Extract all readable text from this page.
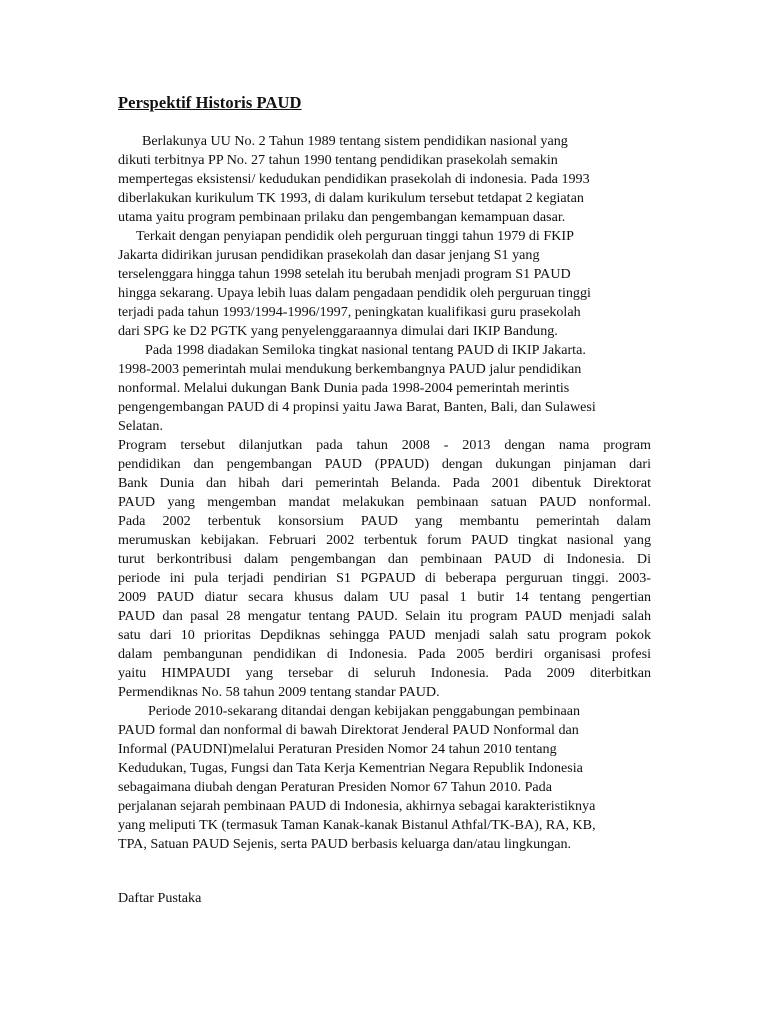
Perspektif Historis PAUD
Berlakunya UU No. 2 Tahun 1989 tentang sistem pendidikan nasional yang
dikuti terbitnya PP No. 27 tahun 1990 tentang pendidikan prasekolah semakin
mempertegas eksistensi/ kedudukan pendidikan prasekolah di indonesia. Pada 1993
diberlakukan kurikulum TK 1993, di dalam kurikulum tersebut tetdapat 2 kegiatan
utama yaitu program pembinaan prilaku dan pengembangan kemampuan dasar.
Terkait dengan penyiapan pendidik oleh perguruan tinggi tahun 1979 di FKIP
Jakarta didirikan jurusan pendidikan prasekolah dan dasar jenjang S1 yang
terselenggara hingga tahun 1998 setelah itu berubah menjadi program S1 PAUD
hingga sekarang. Upaya lebih luas dalam pengadaan pendidik oleh perguruan tinggi
terjadi pada tahun 1993/1994-1996/1997, peningkatan kualifikasi guru prasekolah
dari SPG ke D2 PGTK yang penyelenggaraannya dimulai dari IKIP Bandung.
Pada 1998 diadakan Semiloka tingkat nasional tentang PAUD di IKIP Jakarta.
1998-2003 pemerintah mulai mendukung berkembangnya PAUD jalur pendidikan
nonformal. Melalui dukungan Bank Dunia pada 1998-2004 pemerintah merintis
pengengembangan PAUD di 4 propinsi yaitu Jawa Barat, Banten, Bali, dan Sulawesi
Selatan.
Program tersebut dilanjutkan pada tahun 2008 - 2013 dengan nama program
pendidikan dan pengembangan PAUD (PPAUD) dengan dukungan pinjaman dari
Bank Dunia dan hibah dari pemerintah Belanda. Pada 2001 dibentuk Direktorat
PAUD yang mengemban mandat melakukan pembinaan satuan PAUD nonformal.
Pada 2002 terbentuk konsorsium PAUD yang membantu pemerintah dalam
merumuskan kebijakan. Februari 2002 terbentuk forum PAUD tingkat nasional yang
turut berkontribusi dalam pengembangan dan pembinaan PAUD di Indonesia. Di
periode ini pula terjadi pendirian S1 PGPAUD di beberapa perguruan tinggi. 2003-
2009 PAUD diatur secara khusus dalam UU pasal 1 butir 14 tentang pengertian
PAUD dan pasal 28 mengatur tentang PAUD. Selain itu program PAUD menjadi salah
satu dari 10 prioritas Depdiknas sehingga PAUD menjadi salah satu program pokok
dalam pembangunan pendidikan di Indonesia. Pada 2005 berdiri organisasi profesi
yaitu HIMPAUDI yang tersebar di seluruh Indonesia. Pada 2009 diterbitkan
Permendiknas No. 58 tahun 2009 tentang standar PAUD.
Periode 2010-sekarang ditandai dengan kebijakan penggabungan pembinaan
PAUD formal dan nonformal di bawah Direktorat Jenderal PAUD Nonformal dan
Informal (PAUDNI)melalui Peraturan Presiden Nomor 24 tahun 2010 tentang
Kedudukan, Tugas, Fungsi dan Tata Kerja Kementrian Negara Republik Indonesia
sebagaimana diubah dengan Peraturan Presiden Nomor 67 Tahun 2010. Pada
perjalanan sejarah pembinaan PAUD di Indonesia, akhirnya sebagai karakteristiknya
yang meliputi TK (termasuk Taman Kanak-kanak Bistanul Athfal/TK-BA), RA, KB,
TPA, Satuan PAUD Sejenis, serta PAUD berbasis keluarga dan/atau lingkungan.
Daftar Pustaka
